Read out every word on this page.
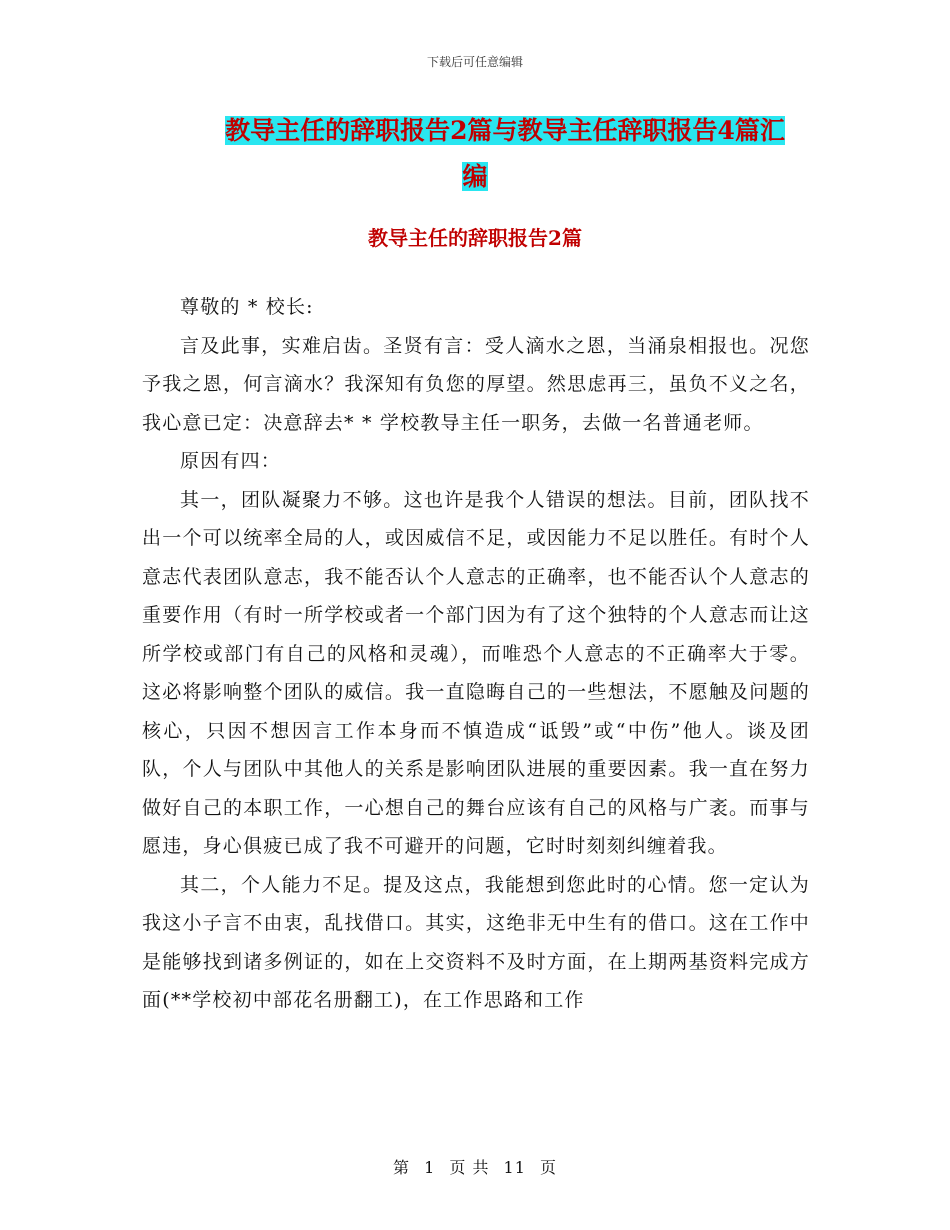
下载后可任意编辑
教导主任的辞职报告2篇与教导主任辞职报告4篇汇
编
教导主任的辞职报告2篇

尊敬的 * 校长:

言及此事，实难启齿。圣贤有言：受人滴水之恩，当涌泉相报也。况您予我之恩，何言滴水？我深知有负您的厚望。然思虑再三，虽负不义之名，我心意已定：决意辞去* * 学校教导主任一职务，去做一名普通老师。

原因有四：

其一，团队凝聚力不够。这也许是我个人错误的想法。目前，团队找不出一个可以统率全局的人，或因威信不足，或因能力不足以胜任。有时个人意志代表团队意志，我不能否认个人意志的正确率，也不能否认个人意志的重要作用（有时一所学校或者一个部门因为有了这个独特的个人意志而让这所学校或部门有自己的风格和灵魂），而唯恐个人意志的不正确率大于零。这必将影响整个团队的威信。我一直隐晦自己的一些想法，不愿触及问题的核心，只因不想因言工作本身而不慎造成“诋毁”或“中伤”他人。谈及团队，个人与团队中其他人的关系是影响团队进展的重要因素。我一直在努力做好自己的本职工作，一心想自己的舞台应该有自己的风格与广袤。而事与愿违，身心俱疲已成了我不可避开的问题，它时时刻刻纠缠着我。

其二，个人能力不足。提及这点，我能想到您此时的心情。您一定认为我这小子言不由衷，乱找借口。其实，这绝非无中生有的借口。这在工作中是能够找到诸多例证的，如在上交资料不及时方面，在上期两基资料完成方面(**学校初中部花名册翻工)，在工作思路和工作

第 1 页 共 11 页
